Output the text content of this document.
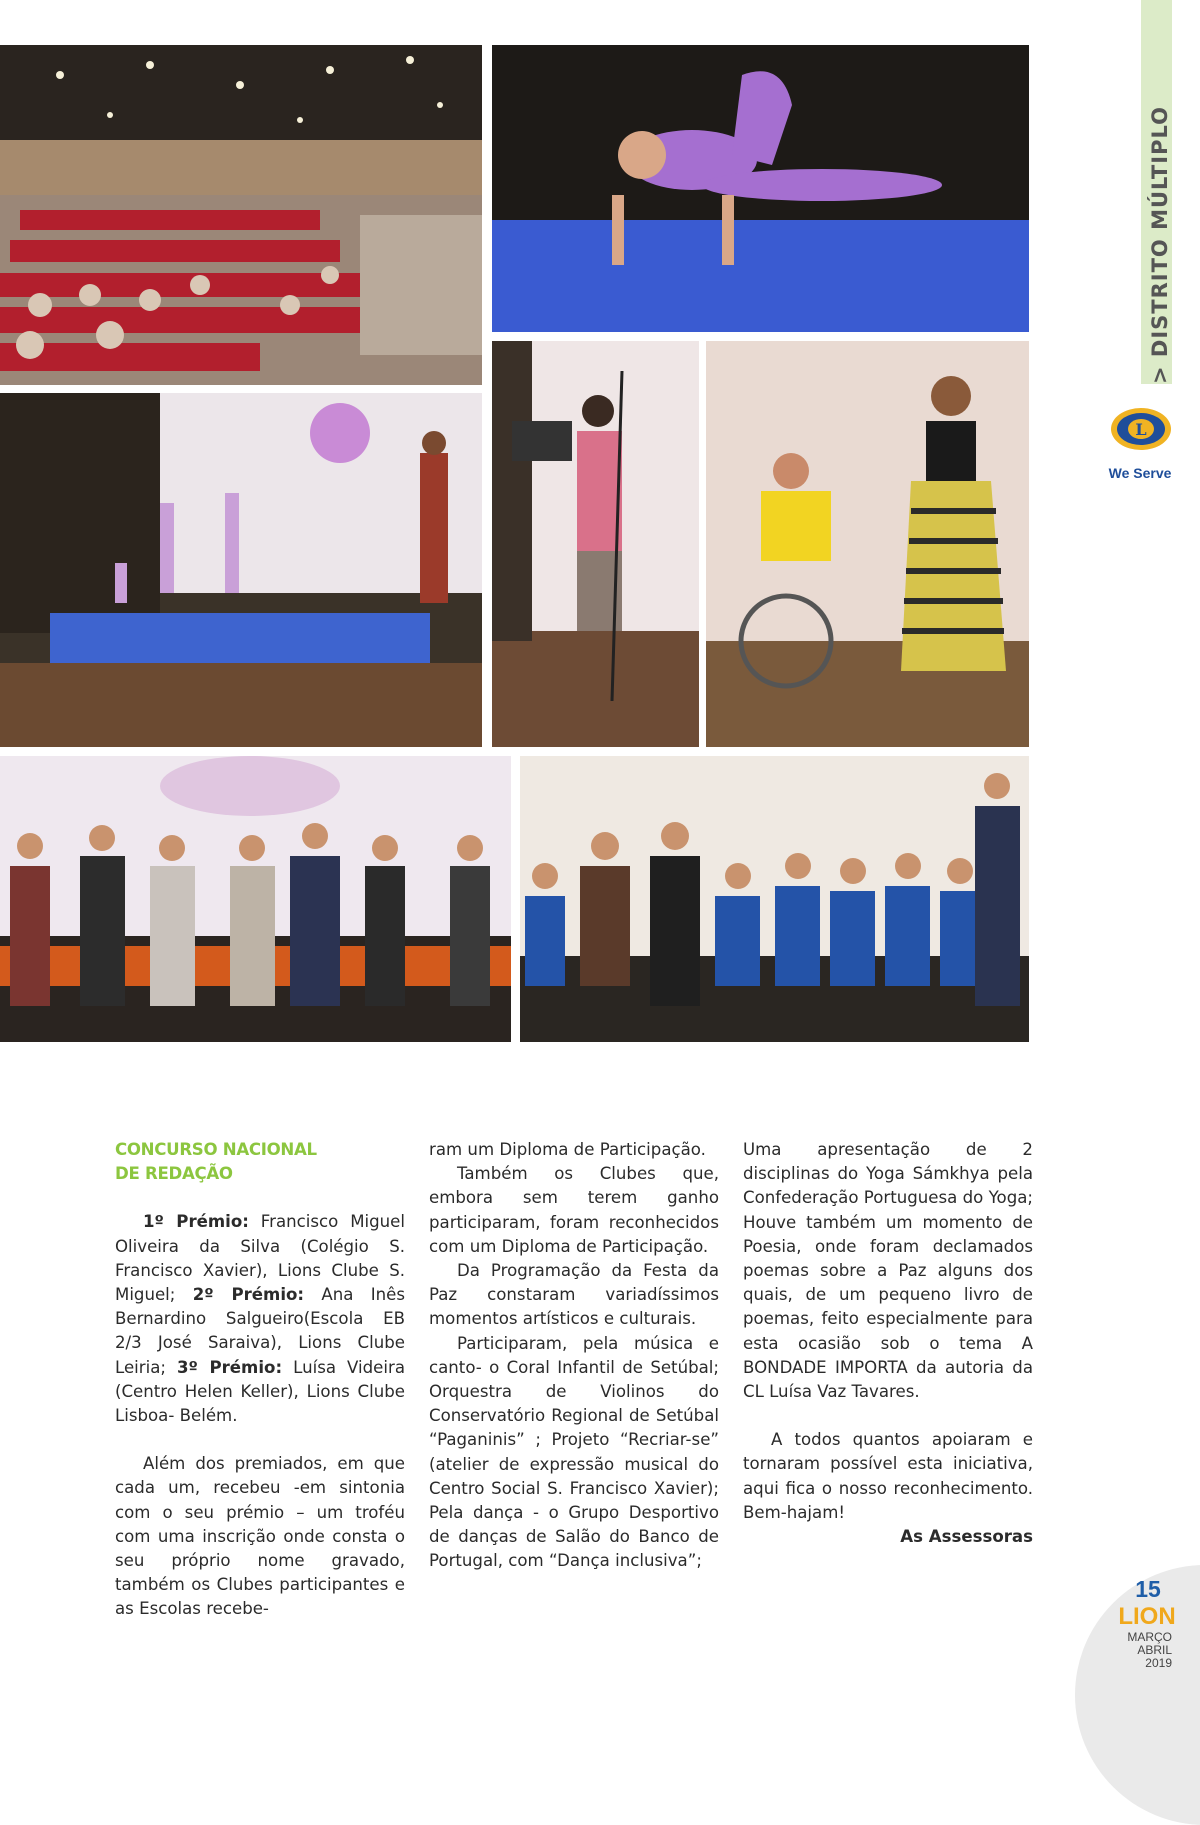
L
We Serve
CONCURSO NACIONAL
DE REDAÇÃO

1º Prémio: Francisco Miguel Oliveira da Silva (Colégio S. Francisco Xavier), Lions Clube S. Miguel; 2º Prémio: Ana Inês Bernardino Salgueiro(Escola EB 2/3 José Saraiva), Lions Clube Leiria; 3º Prémio: Luísa Videira (Centro Helen Keller), Lions Clube Lisboa- Belém.

Além dos premiados, em que cada um, recebeu -em sintonia com o seu prémio – um troféu com uma inscrição onde consta o seu próprio nome gravado, também os Clubes participantes e as Escolas recebe-

ram um Diploma de Participação.

Também os Clubes que, embora sem terem ganho participaram, foram reconhecidos com um Diploma de Participação.

Da Programação da Festa da Paz constaram variadíssimos momentos artísticos e culturais.

Participaram, pela música e canto- o Coral Infantil de Setúbal; Orquestra de Violinos do Conservatório Regional de Setúbal “Paganinis” ; Projeto “Recriar-se” (atelier de expressão musical do Centro Social S. Francisco Xavier); Pela dança - o Grupo Desportivo de danças de Salão do Banco de Portugal, com “Dança inclusiva”;

Uma apresentação de 2 disciplinas do Yoga Sámkhya pela Confederação Portuguesa do Yoga; Houve também um momento de Poesia, onde foram declamados poemas sobre a Paz alguns dos quais, de um pequeno livro de poemas, feito especialmente para esta ocasião sob o tema A BONDADE IMPORTA da autoria da CL Luísa Vaz Tavares.

A todos quantos apoiaram e tornaram possível esta iniciativa, aqui fica o nosso reconhecimento. Bem-hajam!

As Assessoras

15
LION
MARÇO
ABRIL
2019
